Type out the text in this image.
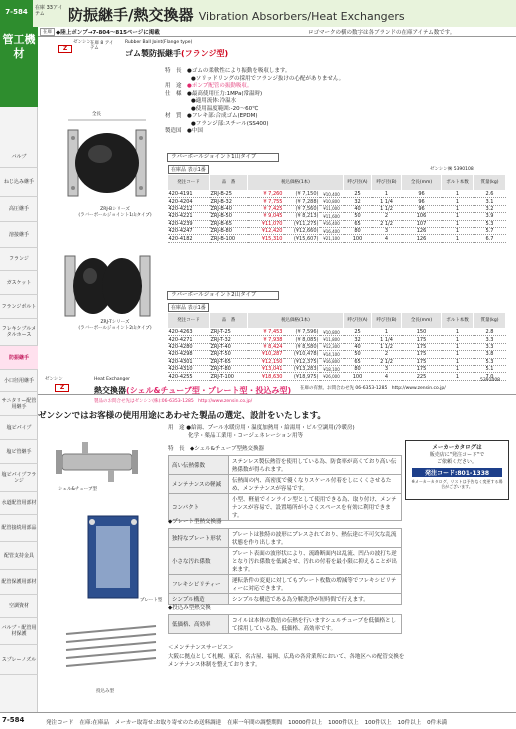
7-584	在庫 33アイテム	防振継手/熱交換器 Vibration Absorbers/Heat Exchangers
管工機材
バルブ
ねじ込み継手
高圧継手
溶接継手
フランジ
ガスケット
フランジボルト
フレキシブルメタルホース
防振継手
小口径用継手
サニタリー配管用継手
塩ビパイプ
塩ビ管継手
塩ビパイプフランジ
水道配管用部材
配管接続用部品
配管支持金具
配管保護用部材
空調資材
バルブ・配管用材保護
スプレーノズル
在庫 ◆陸上ポンプ→7-804〜815ページに掲載	ロゴマークの横の数字は各ブランドの在庫アイテム数です。
ゼンシン
Z
在庫 8 アイテム
Rubber Ball Joint(Flange type)
ゴム製防振継手(フランジ型)
全長
ZRJ-Bシリーズ
(ラバーボールジョイント1山タイプ)
ZRJ-Tシリーズ
(ラバーボールジョイント2山タイプ)
特　長　 ●ゴムの柔軟性により振動を吸収します。
●ソリッドリングの採用でフランジ抜けの心配がありません。
用　途　 ●ポンプ配管の振動吸収。
仕　様　 ●最高使用圧力:1MPa(常温時)
●適用流体:冷温水
●使用温度範囲:-20〜60℃
材　質　 ●フレキ部:合成ゴム(EPDM)
●フランジ部:スチール(SS400)
製造国　 ●中国
ラバーボールジョイント1山タイプ
ゼンシン㈱ 5390108
在庫品 表示1番
発注コード	品　番	税込価格(1本)			呼び径(A)	呼び径(B)	全長(mm)	ボルト本数	質量(kg)
420-4191	ZRJ-B-25	¥ 7,260	(¥ 7,150)	¥10,400	25	1	96	1	2.6
420-4204	ZRJ-B-32	¥ 7,755	(¥ 7,288)	¥10,800	32	1 1/4	96	1	3.1
420-4212	ZRJ-B-40	¥ 7,425	(¥ 7,560)	¥11,000	40	1 1/2	96	1	3.2
420-4221	ZRJ-B-50	¥ 9,045	(¥ 8,213)	¥11,600	50	2	106	1	3.9
420-4239	ZRJ-B-65	¥11,070	(¥11,275)	¥16,400	65	2 1/2	107	1	5.3
420-4247	ZRJ-B-80	¥12,420	(¥12,660)	¥16,400	80	3	126	1	5.7
420-4182	ZRJ-B-100	¥15,310	(¥15,607)	¥21,100	100	4	126	1	6.7
ラバーボールジョイント2山タイプ
在庫品 表示1番
発注コード	品　番	税込価格(1本)			呼び径(A)	呼び径(B)	全長(mm)	ボルト本数	質量(kg)
420-4263	ZRJ-T-25	¥ 7,453	(¥ 7,596)	¥10,800	25	1	150	1	2.8
420-4271	ZRJ-T-32	¥ 7,938	(¥ 8,085)	¥11,800	32	1 1/4	175	1	3.3
420-4280	ZRJ-T-40	¥ 8,424	(¥ 8,580)	¥12,300	40	1 1/2	175	1	3.3
420-4298	ZRJ-T-50	¥10,287	(¥10,478)	¥14,100	50	2	175	1	3.8
420-4301	ZRJ-T-65	¥12,150	(¥12,375)	¥16,800	65	2 1/2	175	1	5.3
420-4310	ZRJ-T-80	¥13,041	(¥13,283)	¥18,100	80	3	175	1	5.1
420-4255	ZRJ-T-100	¥18,630	(¥18,975)	¥26,000	100	4	225	1	7.0
在庫の有無、お問合わせ先 06-6353-1285　http://www.zensin.co.jp/
ゼンシン
Z
Heat Exchanger
熱交換器(シェル&チューブ型・プレート型・投込み型)
製品のお問合せ先はゼンシン(株):06-6353-1285　http://www.zensin.co.jp/
5391008
ゼンシンではお客様の使用用途にあわせた製品の選定、設計をいたします。
用　途 ●給湯、プール水暖房用・温度加熱用・給湯用・ビル空調用(冷暖房)
化学・薬品工業用・コージェネレーション用等
メーカーカタログは
販売店に"発注コード"で
ご依頼ください。
発注コード:801-1338
※メーカーカタログ、リストは予告なく変更する場合がございます。
特　長　 ◆シェル&チューブ型熱交換器
シェル&チューブ型
プレート型
投込み型
高い伝熱係数	ステンレス製伝熱管を使用している為、防食率が高くており高い伝熱係数が得られます。
メンテナンスの軽減	伝熱面の内、高密度で優くなりスケール付着をしにくくさせるため、メンテナンスが容易です。
コンパクト	小型、軽量でインライン型として使用できる為、取り付け、メンテナンスが容易で、設置場所が小さくスペースを有効に利用できます。
◆プレート型熱交換器
独特なプレート形状	プレートは独特の波形にプレスされており、熱伝達に不可欠な乱流状態を作り出します。
小さな汚れ係数	プレート表面の波形状により、流路断面内は乱流、凹凸の波打ち逆となり汚れ係数を低減させ、汚れの付着を最小限に抑えることが出来ます。
フレキシビリティー	運転条件の変更に対してもプレート枚数の増減等でフレキシビリティーに対応できます。
シンプル構造	シンプルな構造である為分解洗浄が短時間で行えます。
◆投込み型熱交換
低価格、高効率	コイルは本体の数倍の伝熱を行いますシェルチューブを低価格として採用している為、低価格、高効率です。
＜メンテナンスサービス＞
大阪に拠点として札幌、東京、名古屋、福岡、広島の各営業所において、各地区への配管交換をメンテナンス体制を整えております。
7-584	発注コード 在庫:在庫品 メーカー取寄せ:お取り寄せのため送料調達 在庫一年間の調整期間 10000件以上 1000件以上 100件以上 10件以上 0件未満
